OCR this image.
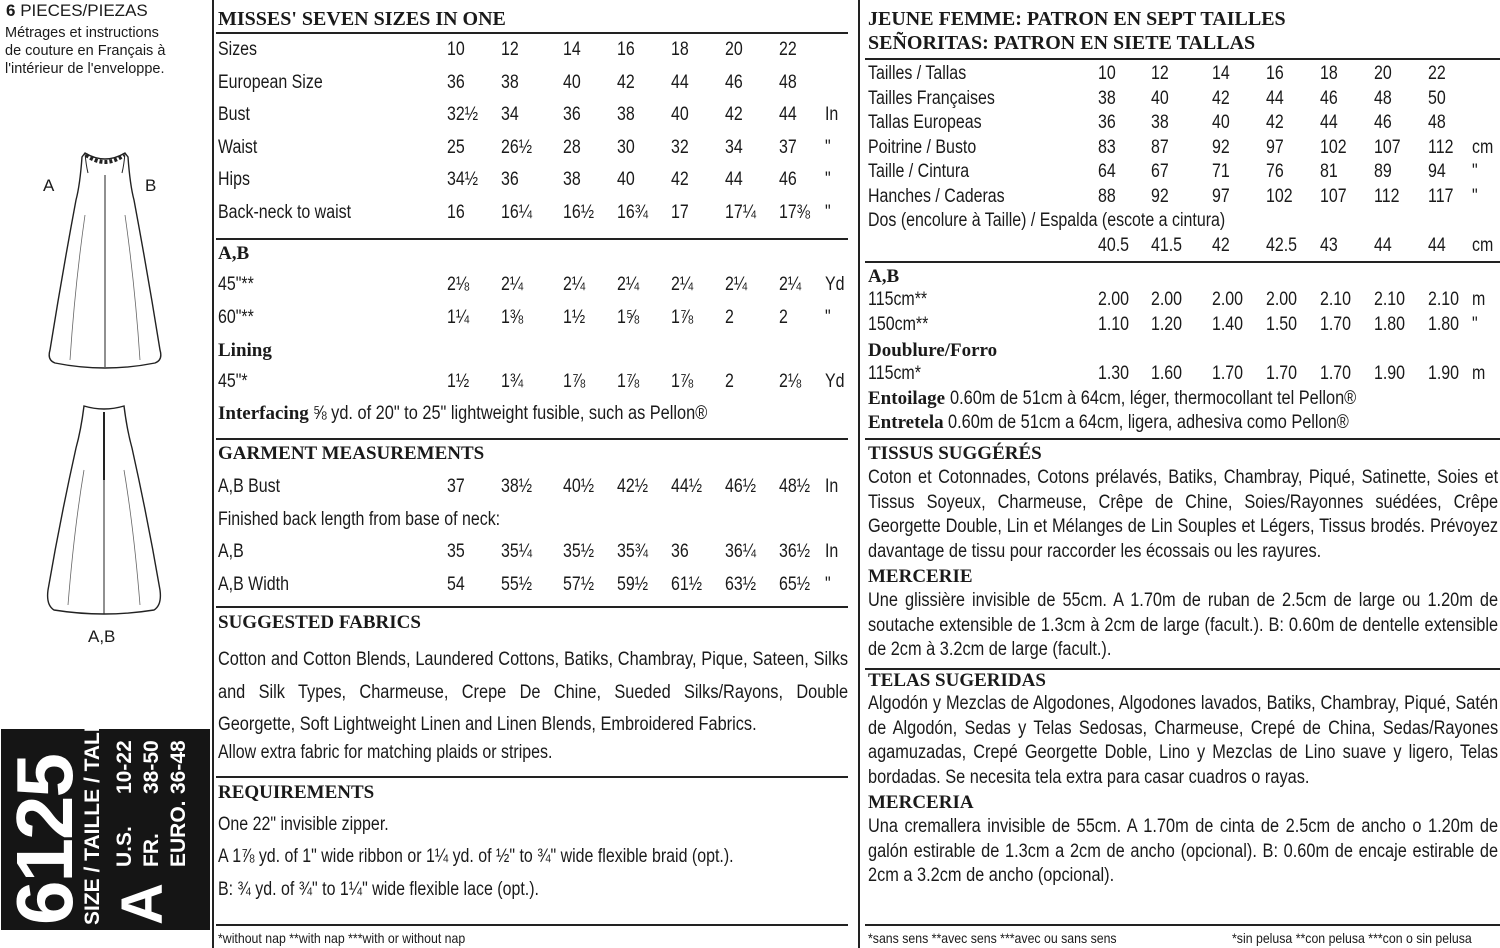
6 PIECES/PIEZAS
Métrages et instructions
de couture en Français à
l'intérieur de l'enveloppe.
A	B
A,B
6125
SIZE / TAILLE / TALLA A
U.S.
10-22
FR.
38-50
EURO.
36-48
MISSES' SEVEN SIZES IN ONE
Sizes	10 12 14 16 18 20 22
European Size	36 38 40 42 44 46 48
Bust	32½ 34 36 38 40 42 44 In
Waist	25 26½ 28 30 32 34 37 "
Hips	34½ 36 38 40 42 44 46 "
Back-neck to waist	16 16¼ 16½ 16¾ 17 17¼ 17⅜ "
A,B
45"**	2⅛ 2¼ 2¼ 2¼ 2¼ 2¼ 2¼ Yd
60"**	1¼ 1⅜ 1½ 1⅝ 1⅞ 2 2 "
Lining
45"*	1½ 1¾ 1⅞ 1⅞ 1⅞ 2 2⅛ Yd
Interfacing ⅝ yd. of 20" to 25" lightweight fusible, such as Pellon®
GARMENT MEASUREMENTS
A,B Bust	37 38½ 40½ 42½ 44½ 46½ 48½ In
Finished back length from base of neck:
A,B	35 35¼ 35½ 35¾ 36 36¼ 36½ In
A,B Width	54 55½ 57½ 59½ 61½ 63½ 65½ "
SUGGESTED FABRICS
Cotton and Cotton Blends, Laundered Cottons, Batiks, Chambray, Pique, Sateen, Silks and Silk Types, Charmeuse, Crepe De Chine, Sueded Silks/Rayons, Double Georgette, Soft Lightweight Linen and Linen Blends, Embroidered Fabrics.
Allow extra fabric for matching plaids or stripes.
REQUIREMENTS
One 22" invisible zipper.
A 1⅞ yd. of 1" wide ribbon or 1¼ yd. of ½" to ¾" wide flexible braid (opt.).
B: ¾ yd. of ¾" to 1¼" wide flexible lace (opt.).
*without nap **with nap ***with or without nap
JEUNE FEMME: PATRON EN SEPT TAILLES
SEÑORITAS: PATRON EN SIETE TALLAS
Tailles / Tallas	10 12 14 16 18 20 22
Tailles Françaises	38 40 42 44 46 48 50
Tallas Europeas	36 38 40 42 44 46 48
Poitrine / Busto	83 87 92 97 102 107 112 cm
Taille / Cintura	64 67 71 76 81 89 94 "
Hanches / Caderas	88 92 97 102 107 112 117 "
Dos (encolure à Taille) / Espalda (escote a cintura)
40.5 41.5 42 42.5 43 44 44 cm
A,B
115cm**	2.00 2.00 2.00 2.00 2.10 2.10 2.10 m
150cm**	1.10 1.20 1.40 1.50 1.70 1.80 1.80 "
Doublure/Forro
115cm*	1.30 1.60 1.70 1.70 1.70 1.90 1.90 m
Entoilage 0.60m de 51cm à 64cm, léger, thermocollant tel Pellon®
Entretela 0.60m de 51cm a 64cm, ligera, adhesiva como Pellon®
TISSUS SUGGÉRÉS
Coton et Cotonnades, Cotons prélavés, Batiks, Chambray, Piqué, Satinette, Soies et Tissus Soyeux, Charmeuse, Crêpe de Chine, Soies/Rayonnes suédées, Crêpe Georgette Double, Lin et Mélanges de Lin Souples et Légers, Tissus brodés. Prévoyez davantage de tissu pour raccorder les écossais ou les rayures.
MERCERIE
Une glissière invisible de 55cm. A 1.70m de ruban de 2.5cm de large ou 1.20m de soutache extensible de 1.3cm à 2cm de large (facult.). B: 0.60m de dentelle extensible de 2cm à 3.2cm de large (facult.).
TELAS SUGERIDAS
Algodón y Mezclas de Algodones, Algodones lavados, Batiks, Chambray, Piqué, Satén de Algodón, Sedas y Telas Sedosas, Charmeuse, Crepé de China, Sedas/Rayones agamuzadas, Crepé Georgette Doble, Lino y Mezclas de Lino suave y ligero, Telas bordadas. Se necesita tela extra para casar cuadros o rayas.
MERCERIA
Una cremallera invisible de 55cm. A 1.70m de cinta de 2.5cm de ancho o 1.20m de galón estirable de 1.3cm a 2cm de ancho (opcional). B: 0.60m de encaje estirable de 2cm a 3.2cm de ancho (opcional).
*sans sens **avec sens ***avec ou sans sens	*sin pelusa **con pelusa ***con o sin pelusa
